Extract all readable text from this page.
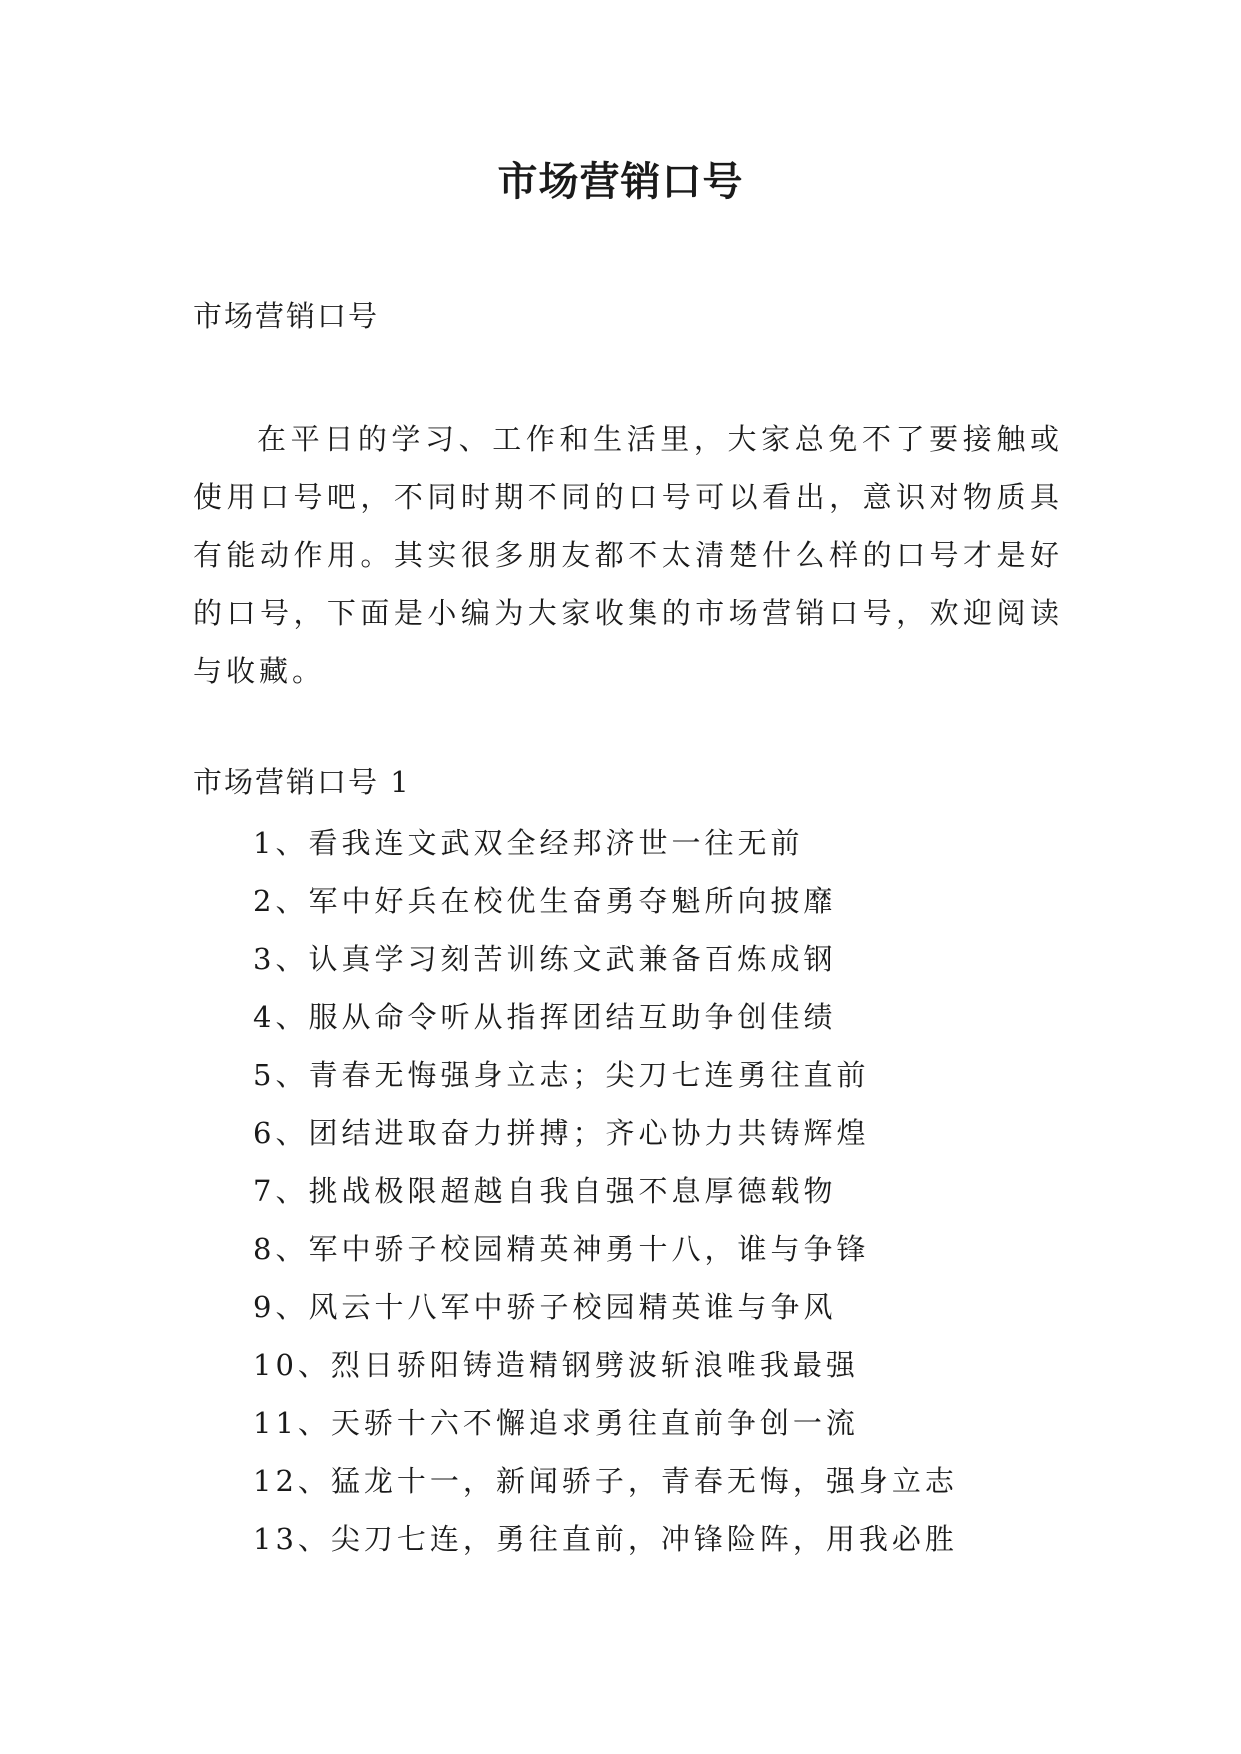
市场营销口号
市场营销口号

在平日的学习、工作和生活里，大家总免不了要接触或使用口号吧，不同时期不同的口号可以看出，意识对物质具有能动作用。其实很多朋友都不太清楚什么样的口号才是好的口号，下面是小编为大家收集的市场营销口号，欢迎阅读与收藏。

市场营销口号 1
1、看我连文武双全经邦济世一往无前
2、军中好兵在校优生奋勇夺魁所向披靡
3、认真学习刻苦训练文武兼备百炼成钢
4、服从命令听从指挥团结互助争创佳绩
5、青春无悔强身立志；尖刀七连勇往直前
6、团结进取奋力拼搏；齐心协力共铸辉煌
7、挑战极限超越自我自强不息厚德载物
8、军中骄子校园精英神勇十八，谁与争锋
9、风云十八军中骄子校园精英谁与争风
10、烈日骄阳铸造精钢劈波斩浪唯我最强
11、天骄十六不懈追求勇往直前争创一流
12、猛龙十一，新闻骄子，青春无悔，强身立志
13、尖刀七连，勇往直前，冲锋险阵，用我必胜
